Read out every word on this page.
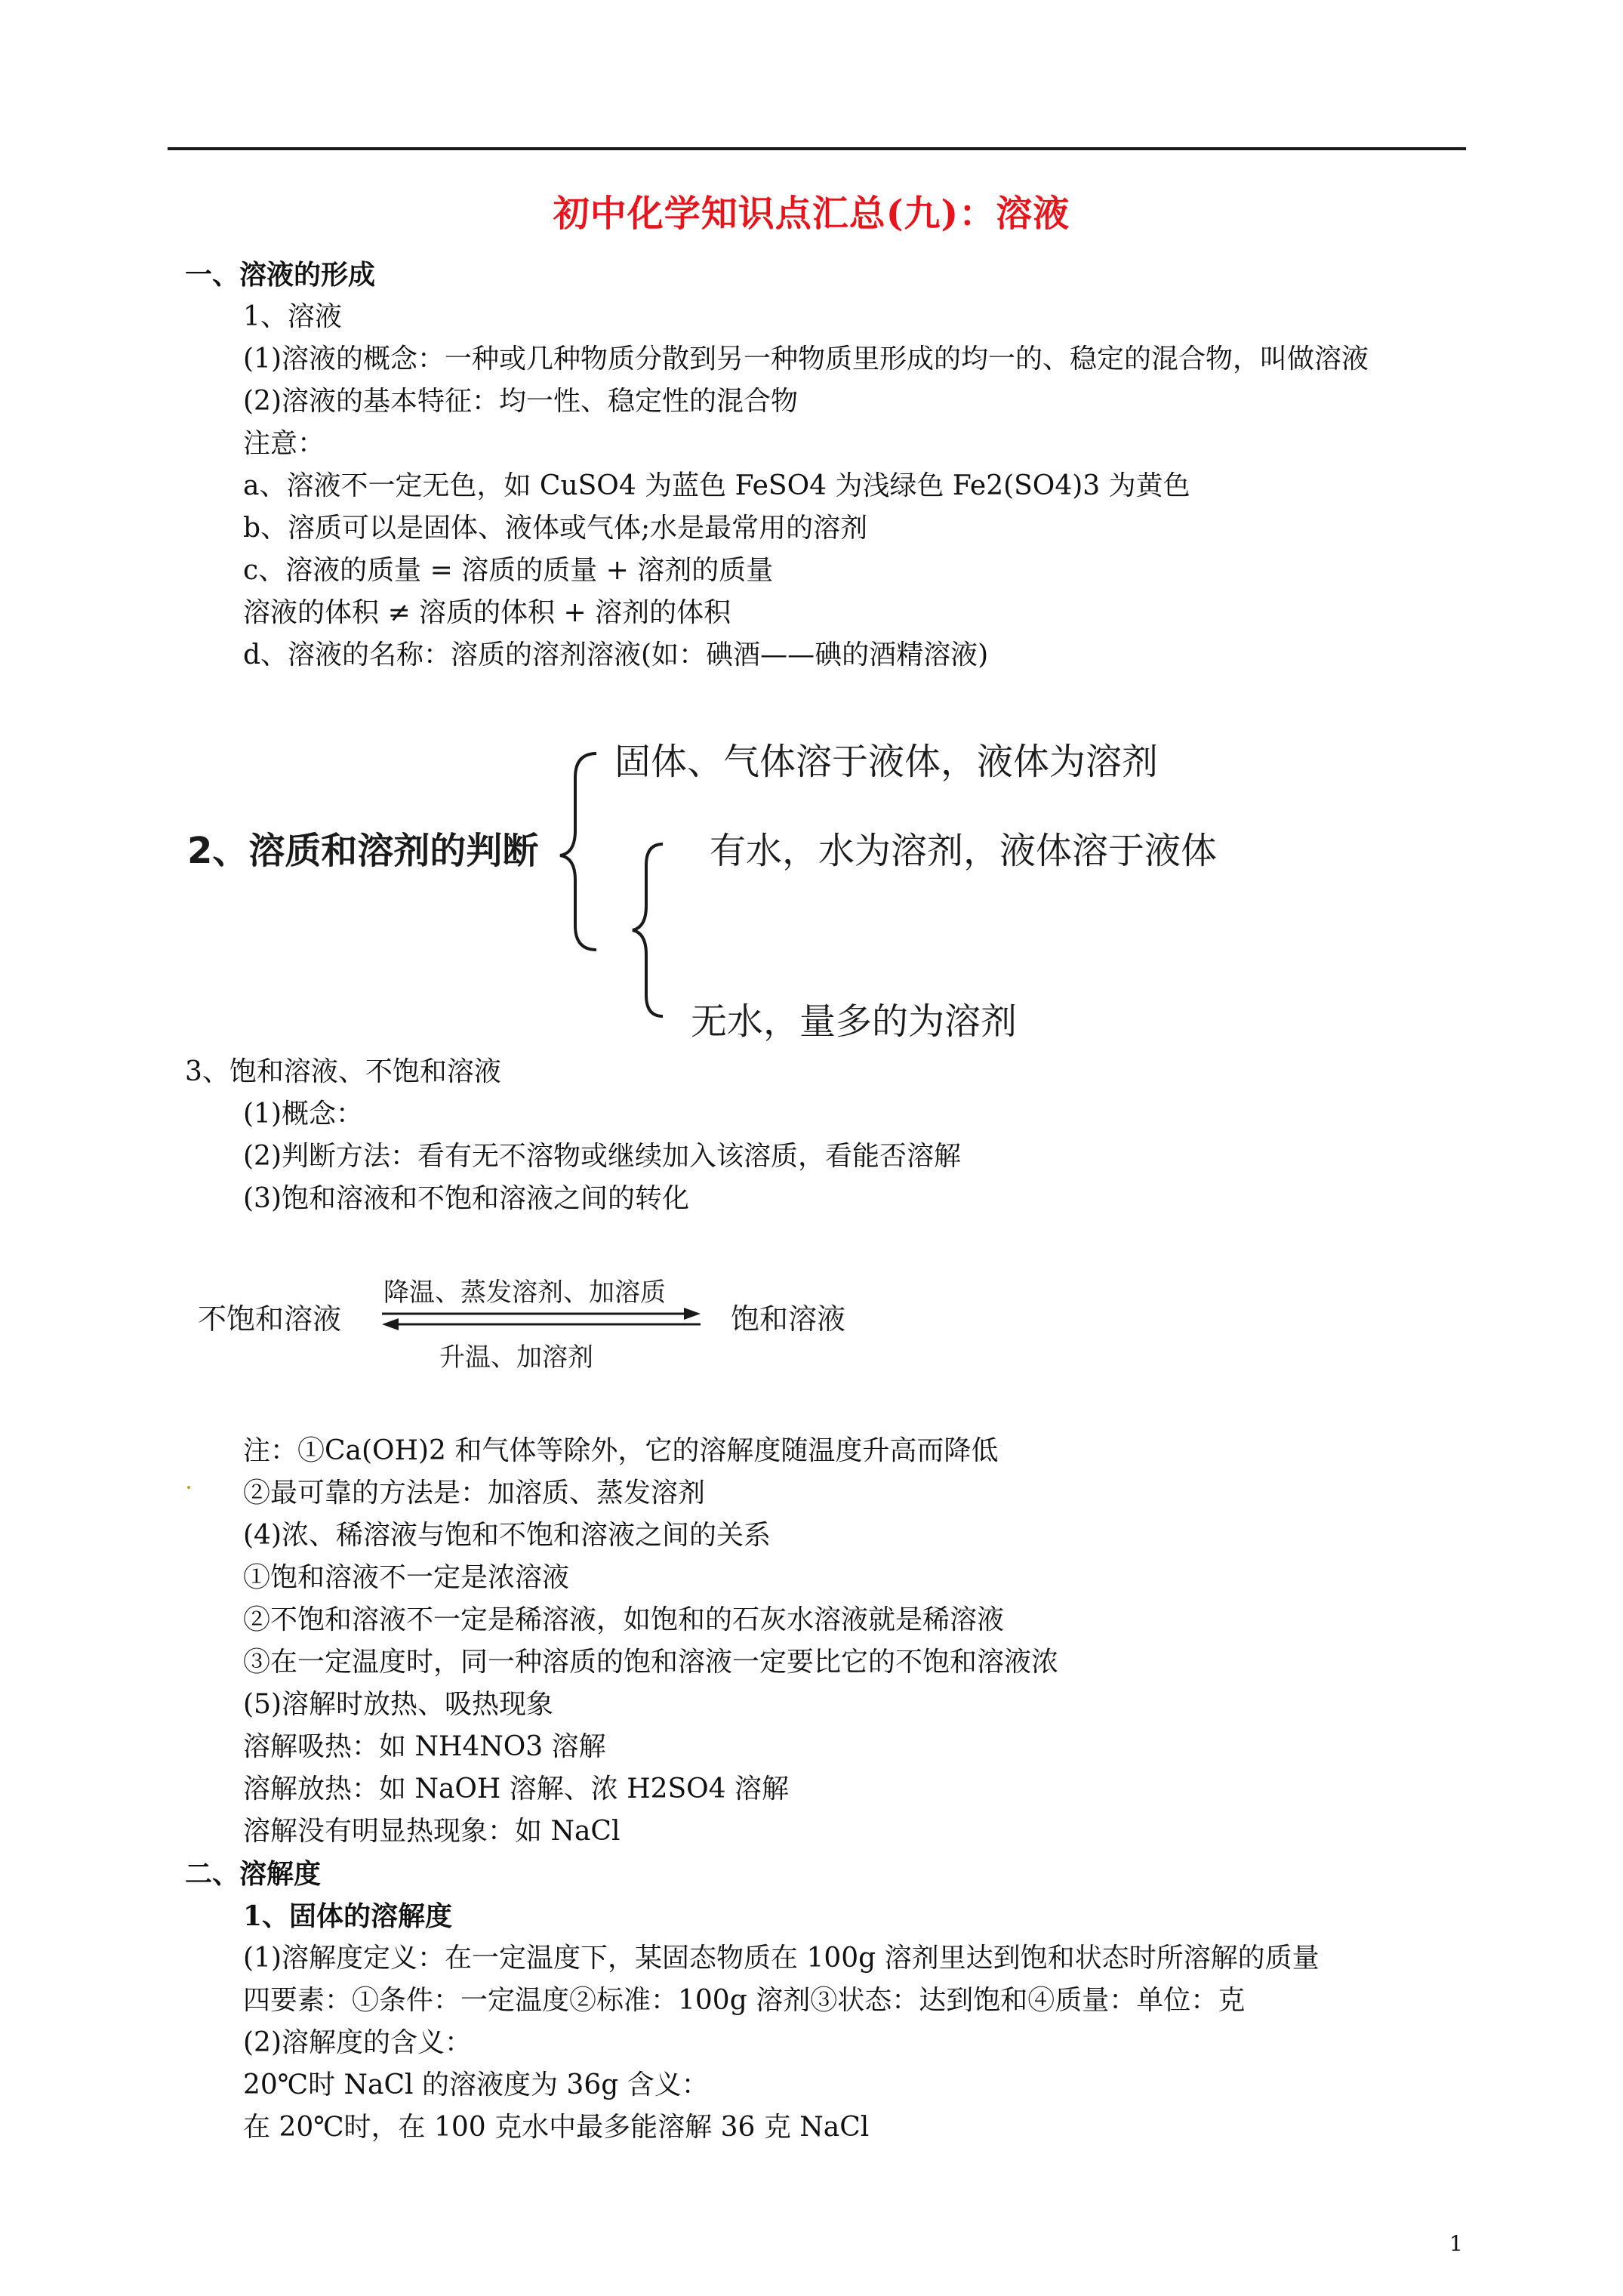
初中化学知识点汇总(九)：溶液
一、溶液的形成
1、溶液
(1)溶液的概念：一种或几种物质分散到另一种物质里形成的均一的、稳定的混合物，叫做溶液
(2)溶液的基本特征：均一性、稳定性的混合物
注意：
a、溶液不一定无色，如 CuSO4 为蓝色 FeSO4 为浅绿色 Fe2(SO4)3 为黄色
b、溶质可以是固体、液体或气体;水是最常用的溶剂
c、溶液的质量 = 溶质的质量 + 溶剂的质量
溶液的体积 ≠ 溶质的体积 + 溶剂的体积
d、溶液的名称：溶质的溶剂溶液(如：碘酒——碘的酒精溶液)
3、饱和溶液、不饱和溶液
(1)概念：
(2)判断方法：看有无不溶物或继续加入该溶质，看能否溶解
(3)饱和溶液和不饱和溶液之间的转化
注：①Ca(OH)2 和气体等除外，它的溶解度随温度升高而降低
②最可靠的方法是：加溶质、蒸发溶剂
(4)浓、稀溶液与饱和不饱和溶液之间的关系
①饱和溶液不一定是浓溶液
②不饱和溶液不一定是稀溶液，如饱和的石灰水溶液就是稀溶液
③在一定温度时，同一种溶质的饱和溶液一定要比它的不饱和溶液浓
(5)溶解时放热、吸热现象
溶解吸热：如 NH4NO3 溶解
溶解放热：如 NaOH 溶解、浓 H2SO4 溶解
溶解没有明显热现象：如 NaCl
二、溶解度
1、固体的溶解度
(1)溶解度定义：在一定温度下，某固态物质在 100g 溶剂里达到饱和状态时所溶解的质量
四要素：①条件：一定温度②标准：100g 溶剂③状态：达到饱和④质量：单位：克
(2)溶解度的含义：
20℃时 NaCl 的溶液度为 36g 含义：
在 20℃时，在 100 克水中最多能溶解 36 克 NaCl
2、溶质和溶剂的判断
固体、气体溶于液体，液体为溶剂
有水，水为溶剂，液体溶于液体
无水，量多的为溶剂
不饱和溶液
降温、蒸发溶剂、加溶质
升温、加溶剂
饱和溶液
1
